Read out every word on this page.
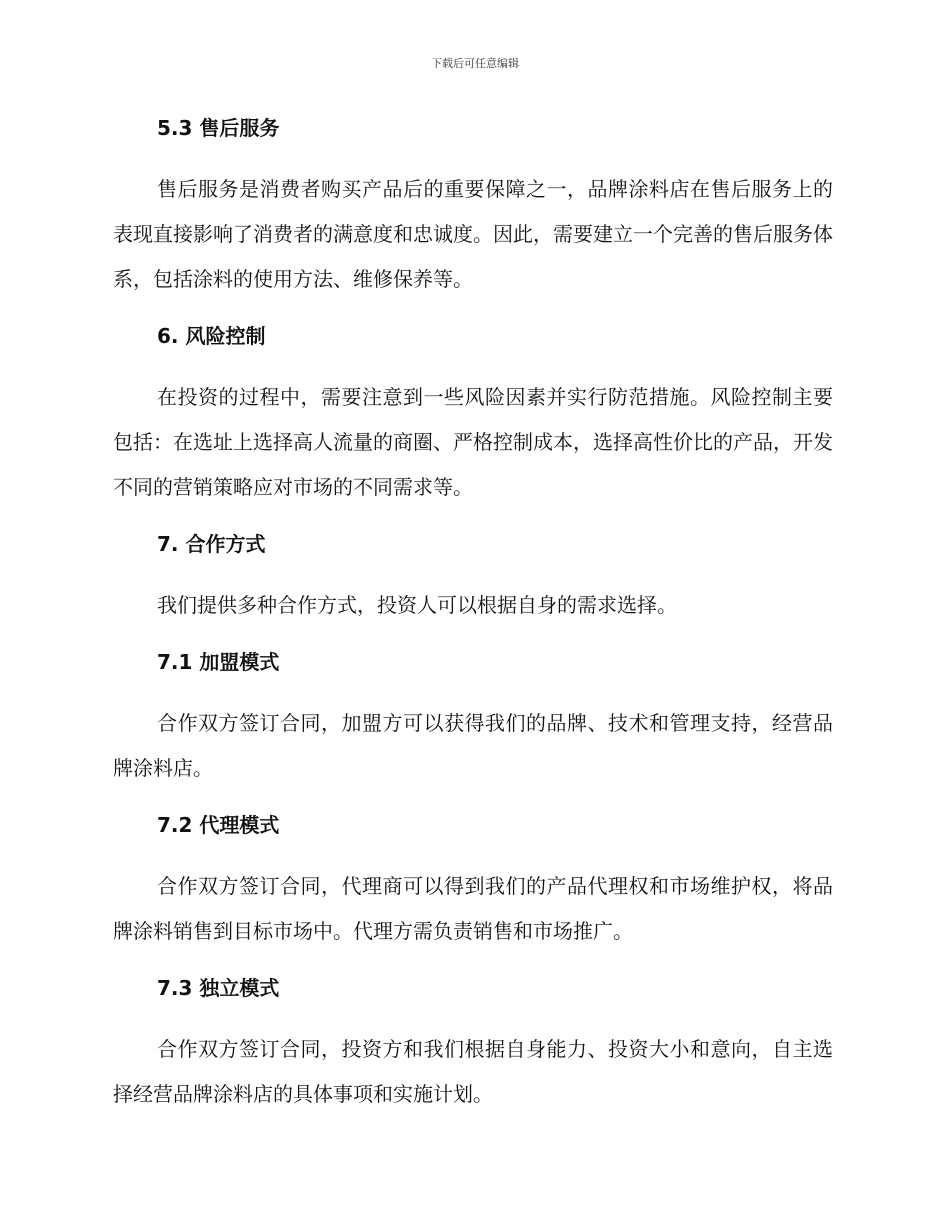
下载后可任意编辑
5.3 售后服务

售后服务是消费者购买产品后的重要保障之一，品牌涂料店在售后服务上的表现直接影响了消费者的满意度和忠诚度。因此，需要建立一个完善的售后服务体系，包括涂料的使用方法、维修保养等。

6. 风险控制

在投资的过程中，需要注意到一些风险因素并实行防范措施。风险控制主要包括：在选址上选择高人流量的商圈、严格控制成本，选择高性价比的产品，开发不同的营销策略应对市场的不同需求等。

7. 合作方式

我们提供多种合作方式，投资人可以根据自身的需求选择。

7.1 加盟模式

合作双方签订合同，加盟方可以获得我们的品牌、技术和管理支持，经营品牌涂料店。

7.2 代理模式

合作双方签订合同，代理商可以得到我们的产品代理权和市场维护权，将品牌涂料销售到目标市场中。代理方需负责销售和市场推广。

7.3 独立模式

合作双方签订合同，投资方和我们根据自身能力、投资大小和意向，自主选择经营品牌涂料店的具体事项和实施计划。
